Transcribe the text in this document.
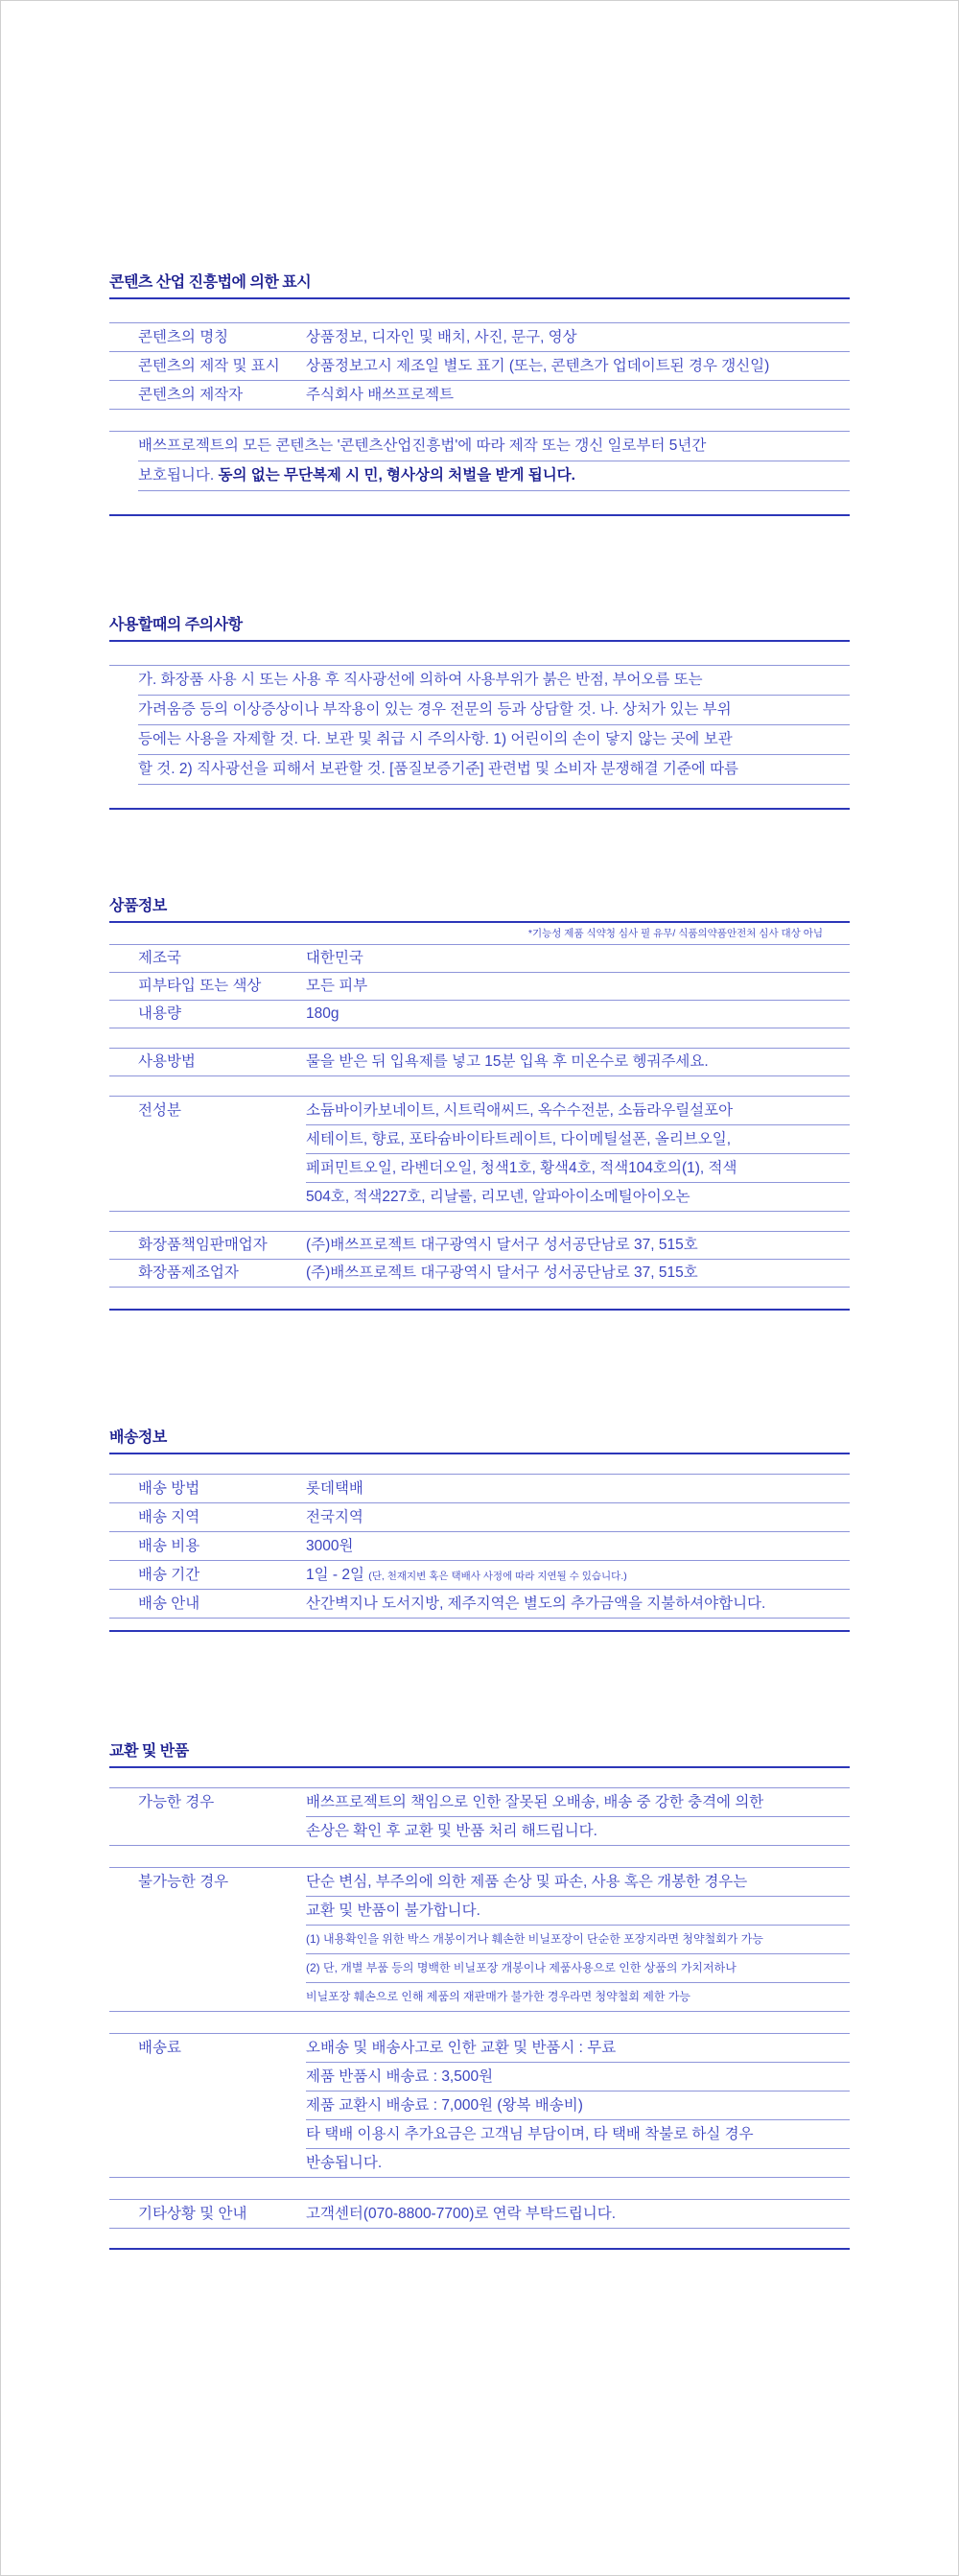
콘텐츠 산업 진흥법에 의한 표시
콘텐츠의 명칭	상품정보, 디자인 및 배치, 사진, 문구, 영상
콘텐츠의 제작 및 표시	상품정보고시 제조일 별도 표기 (또는, 콘텐츠가 업데이트된 경우 갱신일)
콘텐츠의 제작자	주식회사 배쓰프로젝트
배쓰프로젝트의 모든 콘텐츠는 '콘텐츠산업진흥법'에 따라 제작 또는 갱신 일로부터 5년간
보호됩니다. 동의 없는 무단복제 시 민, 형사상의 처벌을 받게 됩니다.
사용할때의 주의사항
가. 화장품 사용 시 또는 사용 후 직사광선에 의하여 사용부위가 붉은 반점, 부어오름 또는
가려움증 등의 이상증상이나 부작용이 있는 경우 전문의 등과 상담할 것. 나. 상처가 있는 부위
등에는 사용을 자제할 것. 다. 보관 및 취급 시 주의사항. 1) 어린이의 손이 닿지 않는 곳에 보관
할 것. 2) 직사광선을 피해서 보관할 것. [품질보증기준] 관련법 및 소비자 분쟁해결 기준에 따름
상품정보
*기능성 제품 식약청 심사 필 유무/ 식품의약품안전처 심사 대상 아님
제조국	대한민국
피부타입 또는 색상	모든 피부
내용량	180g
사용방법	물을 받은 뒤 입욕제를 넣고 15분 입욕 후 미온수로 헹궈주세요.
전성분	소듐바이카보네이트, 시트릭애씨드, 옥수수전분, 소듐라우릴설포아
세테이트, 향료, 포타슘바이타트레이트, 다이메틸설폰, 올리브오일,
페퍼민트오일, 라벤더오일, 청색1호, 황색4호, 적색104호의(1), 적색
504호, 적색227호, 리날룰, 리모넨, 알파아이소메틸아이오논
화장품책임판매업자	(주)배쓰프로젝트 대구광역시 달서구 성서공단남로 37, 515호
화장품제조업자	(주)배쓰프로젝트 대구광역시 달서구 성서공단남로 37, 515호
배송정보
배송 방법	롯데택배
배송 지역	전국지역
배송 비용	3000원
배송 기간	1일 - 2일 (단, 천재지변 혹은 택배사 사정에 따라 지연될 수 있습니다.)
배송 안내	산간벽지나 도서지방, 제주지역은 별도의 추가금액을 지불하셔야합니다.
교환 및 반품
가능한 경우	배쓰프로젝트의 책임으로 인한 잘못된 오배송, 배송 중 강한 충격에 의한
손상은 확인 후 교환 및 반품 처리 해드립니다.
불가능한 경우	단순 변심, 부주의에 의한 제품 손상 및 파손, 사용 혹은 개봉한 경우는
교환 및 반품이 불가합니다.
(1) 내용확인을 위한 박스 개봉이거나 훼손한 비닐포장이 단순한 포장지라면 청약철회가 가능
(2) 단, 개별 부품 등의 명백한 비닐포장 개봉이나 제품사용으로 인한 상품의 가치저하나
비닐포장 훼손으로 인해 제품의 재판매가 불가한 경우라면 청약철회 제한 가능
배송료	오배송 및 배송사고로 인한 교환 및 반품시 : 무료
제품 반품시 배송료 : 3,500원
제품 교환시 배송료 : 7,000원 (왕복 배송비)
타 택배 이용시 추가요금은 고객님 부담이며, 타 택배 착불로 하실 경우
반송됩니다.
기타상황 및 안내	고객센터(070-8800-7700)로 연락 부탁드립니다.
